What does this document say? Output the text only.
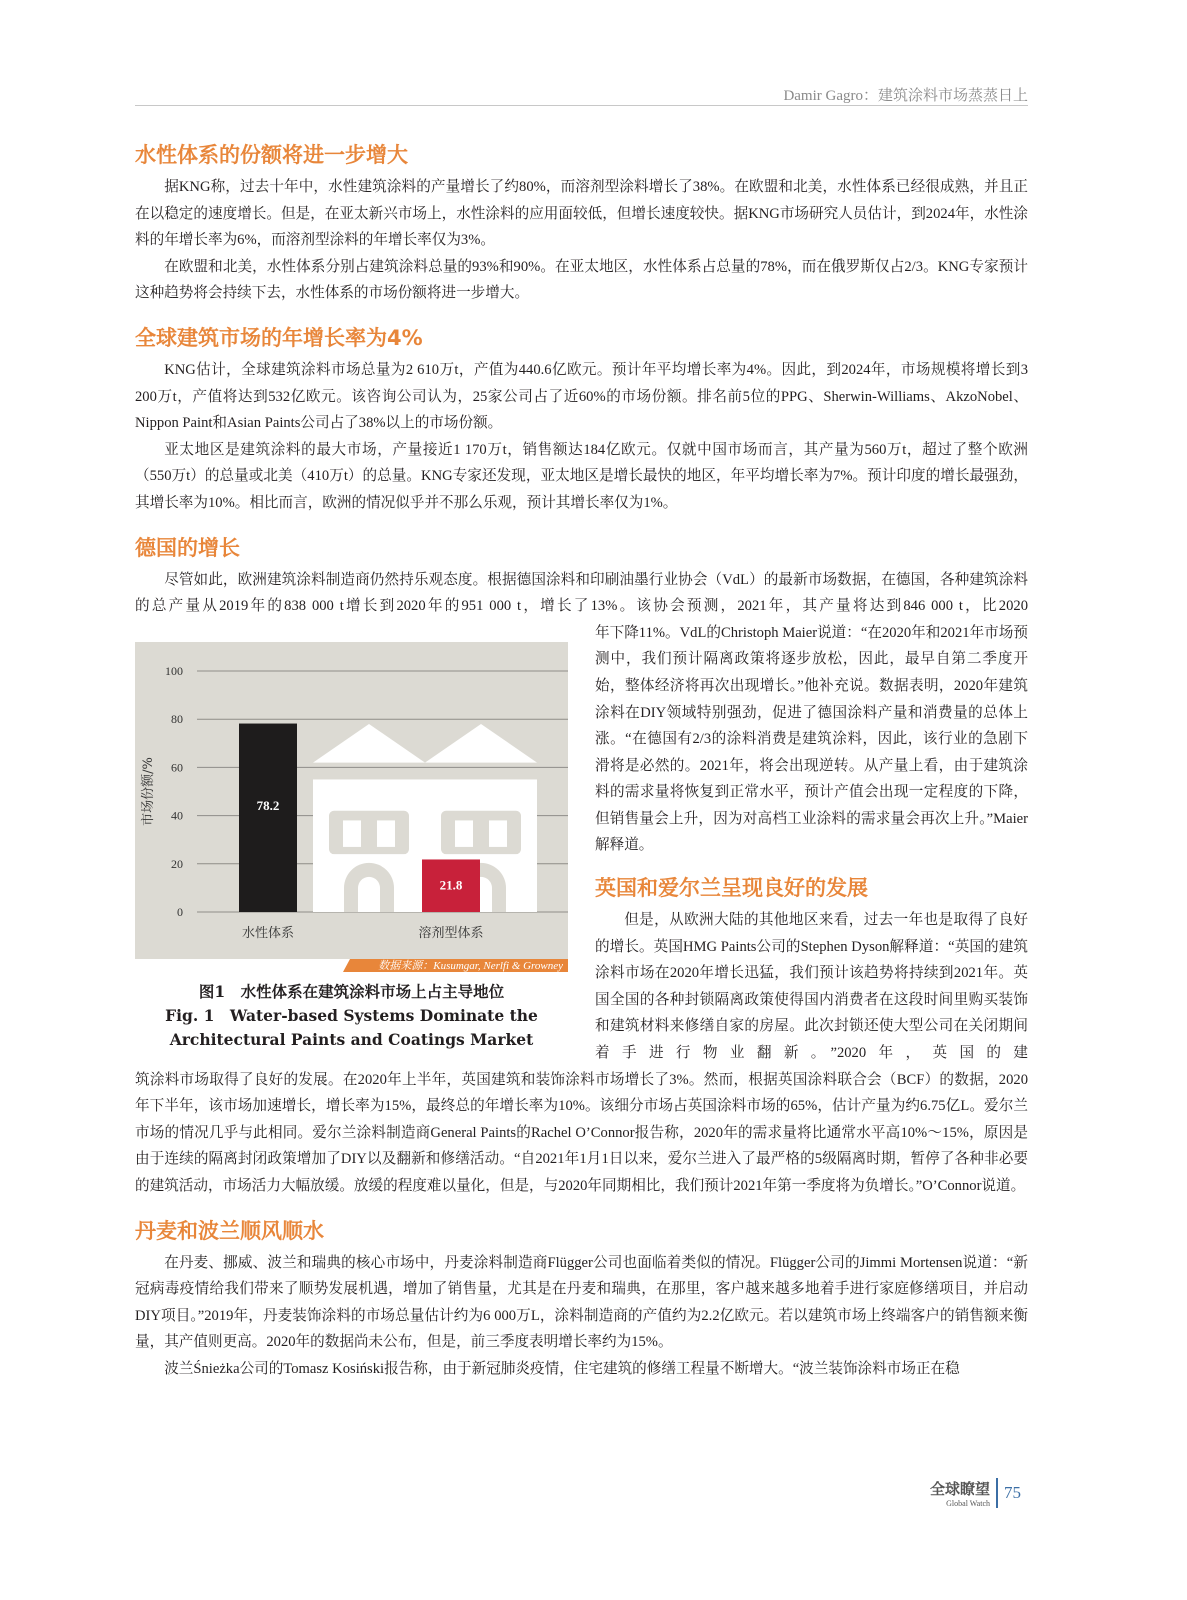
Damir Gagro：建筑涂料市场蒸蒸日上
水性体系的份额将进一步增大

据KNG称，过去十年中，水性建筑涂料的产量增长了约80%，而溶剂型涂料增长了38%。在欧盟和北美，水性体系已经很成熟，并且正在以稳定的速度增长。但是，在亚太新兴市场上，水性涂料的应用面较低，但增长速度较快。据KNG市场研究人员估计，到2024年，水性涂料的年增长率为6%，而溶剂型涂料的年增长率仅为3%。

在欧盟和北美，水性体系分别占建筑涂料总量的93%和90%。在亚太地区，水性体系占总量的78%，而在俄罗斯仅占2/3。KNG专家预计这种趋势将会持续下去，水性体系的市场份额将进一步增大。

全球建筑市场的年增长率为4%

KNG估计，全球建筑涂料市场总量为2 610万t，产值为440.6亿欧元。预计年平均增长率为4%。因此，到2024年，市场规模将增长到3 200万t，产值将达到532亿欧元。该咨询公司认为，25家公司占了近60%的市场份额。排名前5位的PPG、Sherwin-Williams、AkzoNobel、Nippon Paint和Asian Paints公司占了38%以上的市场份额。

亚太地区是建筑涂料的最大市场，产量接近1 170万t，销售额达184亿欧元。仅就中国市场而言，其产量为560万t，超过了整个欧洲（550万t）的总量或北美（410万t）的总量。KNG专家还发现，亚太地区是增长最快的地区，年平均增长率为7%。预计印度的增长最强劲，其增长率为10%。相比而言，欧洲的情况似乎并不那么乐观，预计其增长率仅为1%。

德国的增长

尽管如此，欧洲建筑涂料制造商仍然持乐观态度。根据德国涂料和印刷油墨行业协会（VdL）的最新市场数据，在德国，各种建筑涂料的总产量从2019年的838 000 t增长到2020年的951 000 t，增长了13%。该协会预测，2021年，其产量将达到846 000 t，比2020

0
20
40
60
80
100
78.2
水性体系
21.8
溶剂型体系
市场份额/%
数据来源：Kusumgar, Nerlfi & Growney
图1　水性体系在建筑涂料市场上占主导地位
Fig. 1　Water-based Systems Dominate the Architectural Paints and Coatings Market

年下降11%。VdL的Christoph Maier说道：“在2020年和2021年市场预测中，我们预计隔离政策将逐步放松，因此，最早自第二季度开始，整体经济将再次出现增长。”他补充说。数据表明，2020年建筑涂料在DIY领域特别强劲，促进了德国涂料产量和消费量的总体上涨。“在德国有2/3的涂料消费是建筑涂料，因此，该行业的急剧下滑将是必然的。2021年，将会出现逆转。从产量上看，由于建筑涂料的需求量将恢复到正常水平，预计产值会出现一定程度的下降，但销售量会上升，因为对高档工业涂料的需求量会再次上升。”Maier解释道。

英国和爱尔兰呈现良好的发展

但是，从欧洲大陆的其他地区来看，过去一年也是取得了良好的增长。英国HMG Paints公司的Stephen Dyson解释道：“英国的建筑涂料市场在2020年增长迅猛，我们预计该趋势将持续到2021年。英国全国的各种封锁隔离政策使得国内消费者在这段时间里购买装饰和建筑材料来修缮自家的房屋。此次封锁还使大型公司在关闭期间着手进行物业翻新。”2020年，英国的建

筑涂料市场取得了良好的发展。在2020年上半年，英国建筑和装饰涂料市场增长了3%。然而，根据英国涂料联合会（BCF）的数据，2020年下半年，该市场加速增长，增长率为15%，最终总的年增长率为10%。该细分市场占英国涂料市场的65%，估计产量为约6.75亿L。爱尔兰市场的情况几乎与此相同。爱尔兰涂料制造商General Paints的Rachel O’Connor报告称，2020年的需求量将比通常水平高10%～15%，原因是由于连续的隔离封闭政策增加了DIY以及翻新和修缮活动。“自2021年1月1日以来，爱尔兰进入了最严格的5级隔离时期，暂停了各种非必要的建筑活动，市场活力大幅放缓。放缓的程度难以量化，但是，与2020年同期相比，我们预计2021年第一季度将为负增长。”O’Connor说道。

丹麦和波兰顺风顺水

在丹麦、挪威、波兰和瑞典的核心市场中，丹麦涂料制造商Flügger公司也面临着类似的情况。Flügger公司的Jimmi Mortensen说道：“新冠病毒疫情给我们带来了顺势发展机遇，增加了销售量，尤其是在丹麦和瑞典，在那里，客户越来越多地着手进行家庭修缮项目，并启动DIY项目。”2019年，丹麦装饰涂料的市场总量估计约为6 000万L，涂料制造商的产值约为2.2亿欧元。若以建筑市场上终端客户的销售额来衡量，其产值则更高。2020年的数据尚未公布，但是，前三季度表明增长率约为15%。

波兰Śnieżka公司的Tomasz Kosiński报告称，由于新冠肺炎疫情，住宅建筑的修缮工程量不断增大。“波兰装饰涂料市场正在稳

全球瞭望
Global Watch
75
